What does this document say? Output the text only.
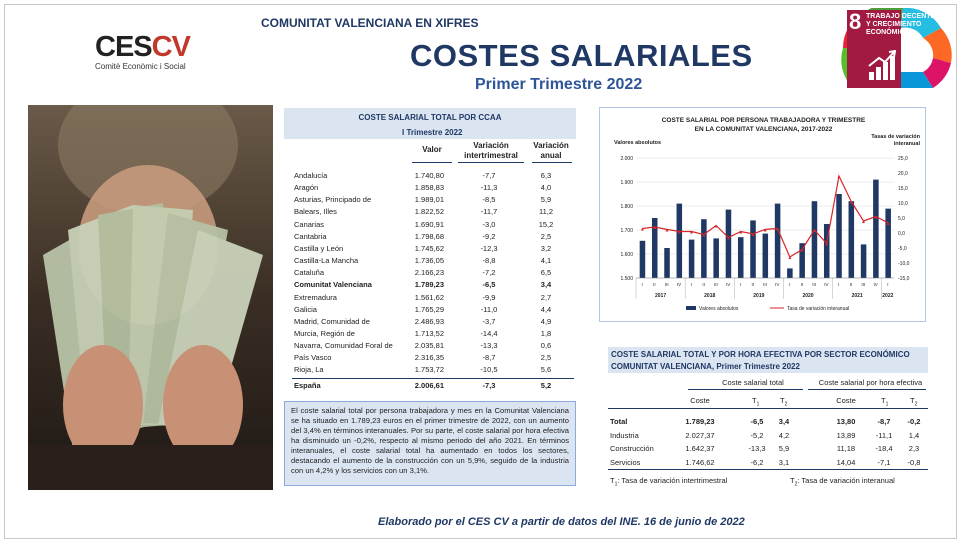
CESCV
Comitè Econòmic i Social
COMUNITAT VALENCIANA EN XIFRES
COSTES SALARIALES
Primer Trimestre 2022
8 TRABAJO DECENTE
Y CRECIMIENTO
ECONÓMICO
COSTE SALARIAL TOTAL POR CCAA
I Trimestre 2022
Valor	Variación
intertrimestral
Variación
anual
Andalucía	1.740,80	-7,7	6,3
Aragón	1.858,83	-11,3	4,0
Asturias, Principado de	1.989,01	-8,5	5,9
Balears, Illes	1.822,52	-11,7	11,2
Canarias	1.690,91	-3,0	15,2
Cantabria	1.798,68	-9,2	2,5
Castilla y León	1.745,62	-12,3	3,2
Castilla-La Mancha	1.736,05	-8,8	4,1
Cataluña	2.166,23	-7,2	6,5
Comunitat Valenciana	1.789,23	-6,5	3,4
Extremadura	1.561,62	-9,9	2,7
Galicia	1.765,29	-11,0	4,4
Madrid, Comunidad de	2.486,93	-3,7	4,9
Murcia, Región de	1.713,52	-14,4	1,8
Navarra, Comunidad Foral de	2.035,81	-13,3	0,6
País Vasco	2.316,35	-8,7	2,5
Rioja, La	1.753,72	-10,5	5,6
España	2.006,61	-7,3	5,2
El coste salarial total por persona trabajadora y mes en la Comunitat Valenciana se ha situado en 1.789,23 euros en el primer trimestre de 2022, con un aumento del 3,4% en términos interanuales. Por su parte, el coste salarial por hora efectiva ha disminuido un -0,2%, respecto al mismo periodo del año 2021. En términos interanuales, el coste salarial total ha aumentado en todos los sectores, destacando el aumento de la construcción con un 5,9%, seguido de la industria con un 4,2% y los servicios con un 3,1%.
COSTE SALARIAL POR PERSONA TRABAJADORA Y TRIMESTRE
EN LA COMUNITAT VALENCIANA, 2017-2022
Valores absolutos
Tasas de variación
interanual
2.000
1.900
1.800
1.700
1.600
1.500
25,0
20,0
15,0
10,0
5,0
0,0
-5,0
-10,0
-15,0
▲ ▲ ▲ ▲ ▲ ▲
▲
▲
▲ ▲
▲ ▲
▲
▲
▲
▲
▲
▲
▲
▲
▲
I II III IV I II III IV I II III IV I II III IV I II III IV I
2017	2018	2019	2020	2021	2022
Valores absolutos	Tasa de variación interanual
COSTE SALARIAL TOTAL Y POR HORA EFECTIVA POR SECTOR ECONÓMICO
COMUNITAT VALENCIANA, Primer Trimestre 2022
Coste salarial total	Coste salarial por hora efectiva
Coste	$T_1$	$T_2$	Coste	$T_1$	$T_2$
Total	1.789,23	-6,5	3,4	13,80	-8,7	-0,2
Industria	2.027,37	-5,2	4,2	13,89	-11,1	1,4
Construcción	1.642,37	-13,3	5,9	11,18	-18,4	2,3
Servicios	1.746,62	-6,2	3,1	14,04	-7,1	-0,8
$T_1$: Tasa de variación intertrimestral	$T_2$: Tasa de variación interanual
Elaborado por el CES CV a partir de datos del INE. 16 de junio de 2022
